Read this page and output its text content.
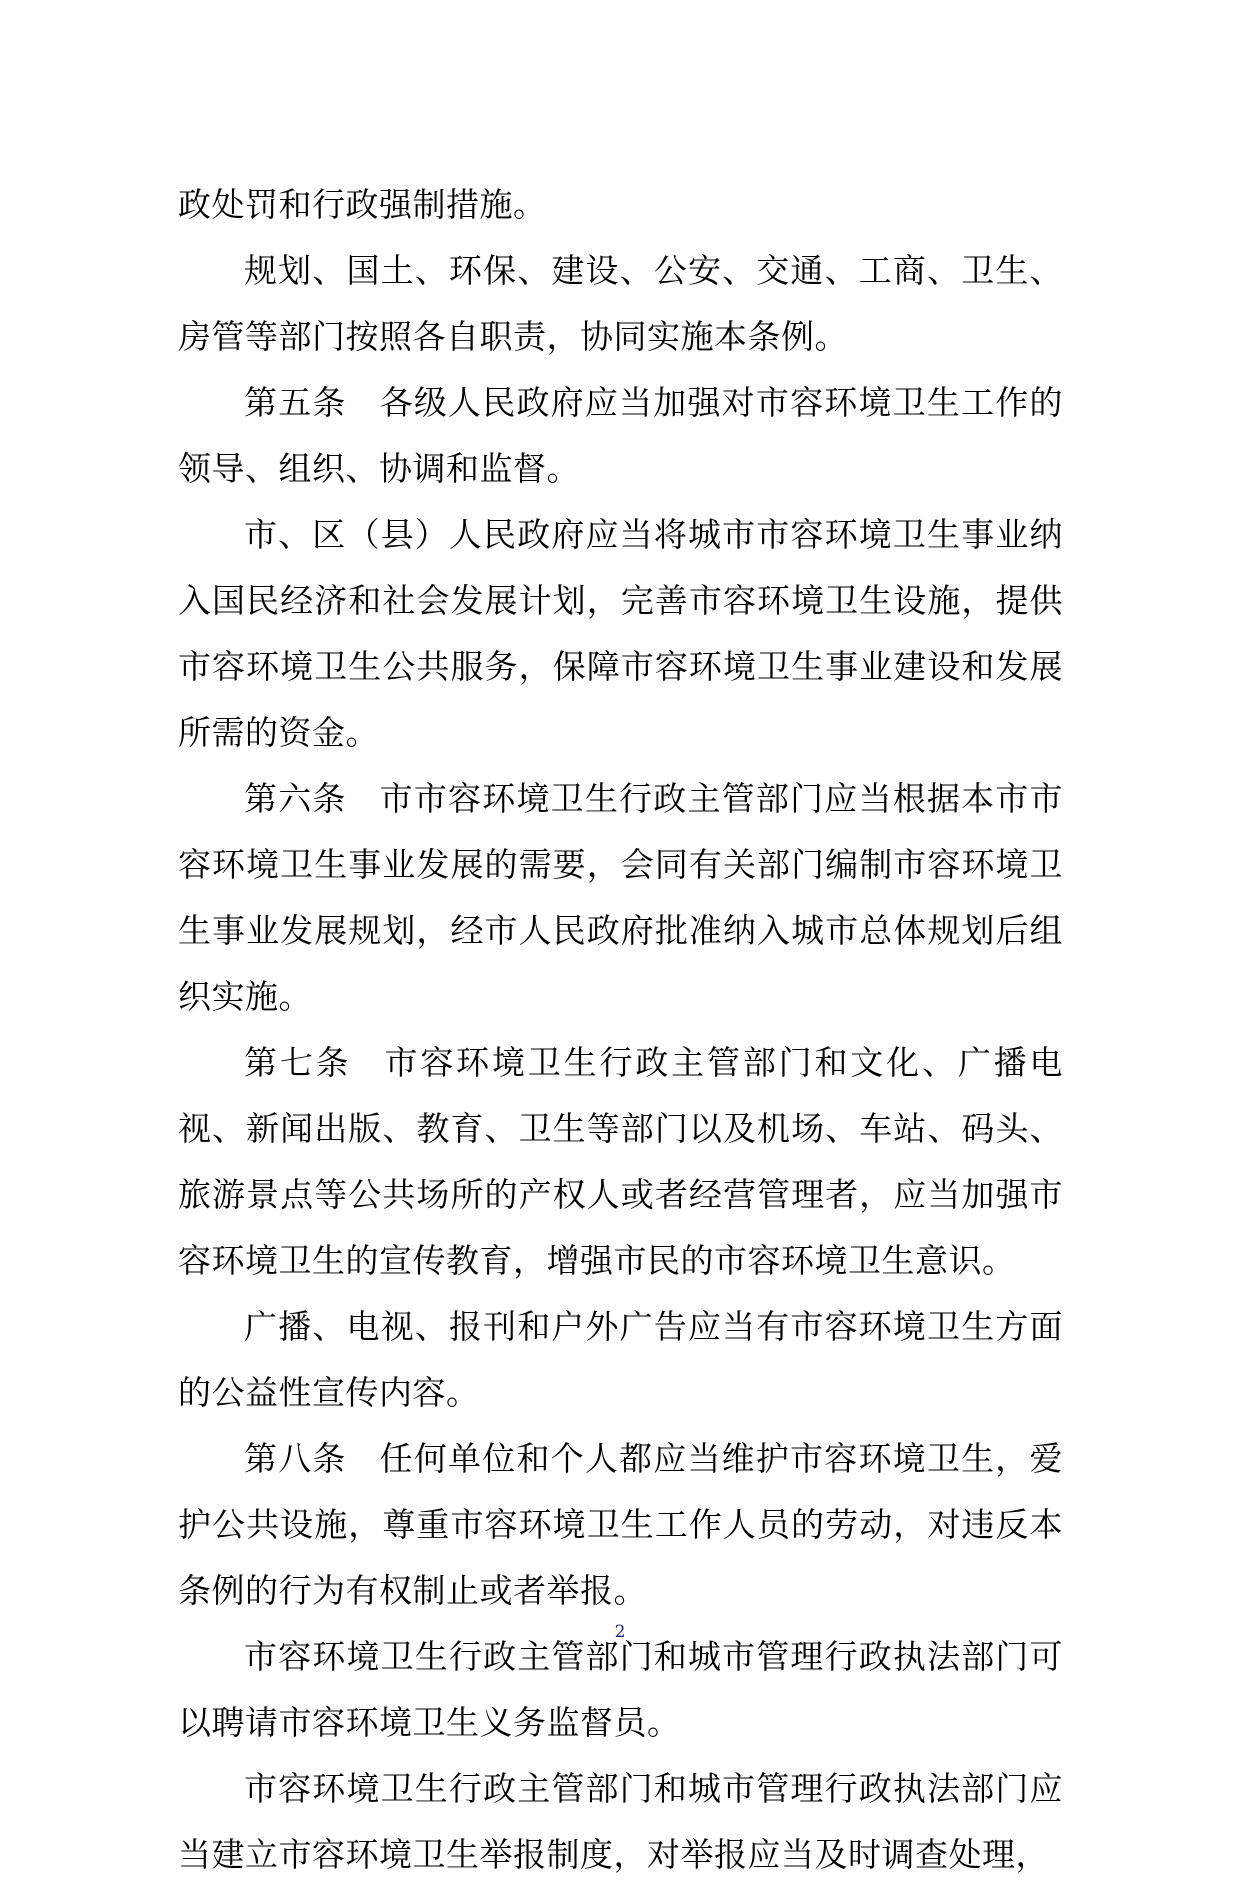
政处罚和行政强制措施。

规划、国土、环保、建设、公安、交通、工商、卫生、房管等部门按照各自职责，协同实施本条例。

第五条 各级人民政府应当加强对市容环境卫生工作的领导、组织、协调和监督。

市、区（县）人民政府应当将城市市容环境卫生事业纳入国民经济和社会发展计划，完善市容环境卫生设施，提供市容环境卫生公共服务，保障市容环境卫生事业建设和发展所需的资金。

第六条 市市容环境卫生行政主管部门应当根据本市市容环境卫生事业发展的需要，会同有关部门编制市容环境卫生事业发展规划，经市人民政府批准纳入城市总体规划后组织实施。

第七条 市容环境卫生行政主管部门和文化、广播电视、新闻出版、教育、卫生等部门以及机场、车站、码头、旅游景点等公共场所的产权人或者经营管理者，应当加强市容环境卫生的宣传教育，增强市民的市容环境卫生意识。

广播、电视、报刊和户外广告应当有市容环境卫生方面的公益性宣传内容。

第八条 任何单位和个人都应当维护市容环境卫生，爱护公共设施，尊重市容环境卫生工作人员的劳动，对违反本条例的行为有权制止或者举报。

市容环境卫生行政主管部门和城市管理行政执法部门可以聘请市容环境卫生义务监督员。

市容环境卫生行政主管部门和城市管理行政执法部门应当建立市容环境卫生举报制度，对举报应当及时调查处理，

2
